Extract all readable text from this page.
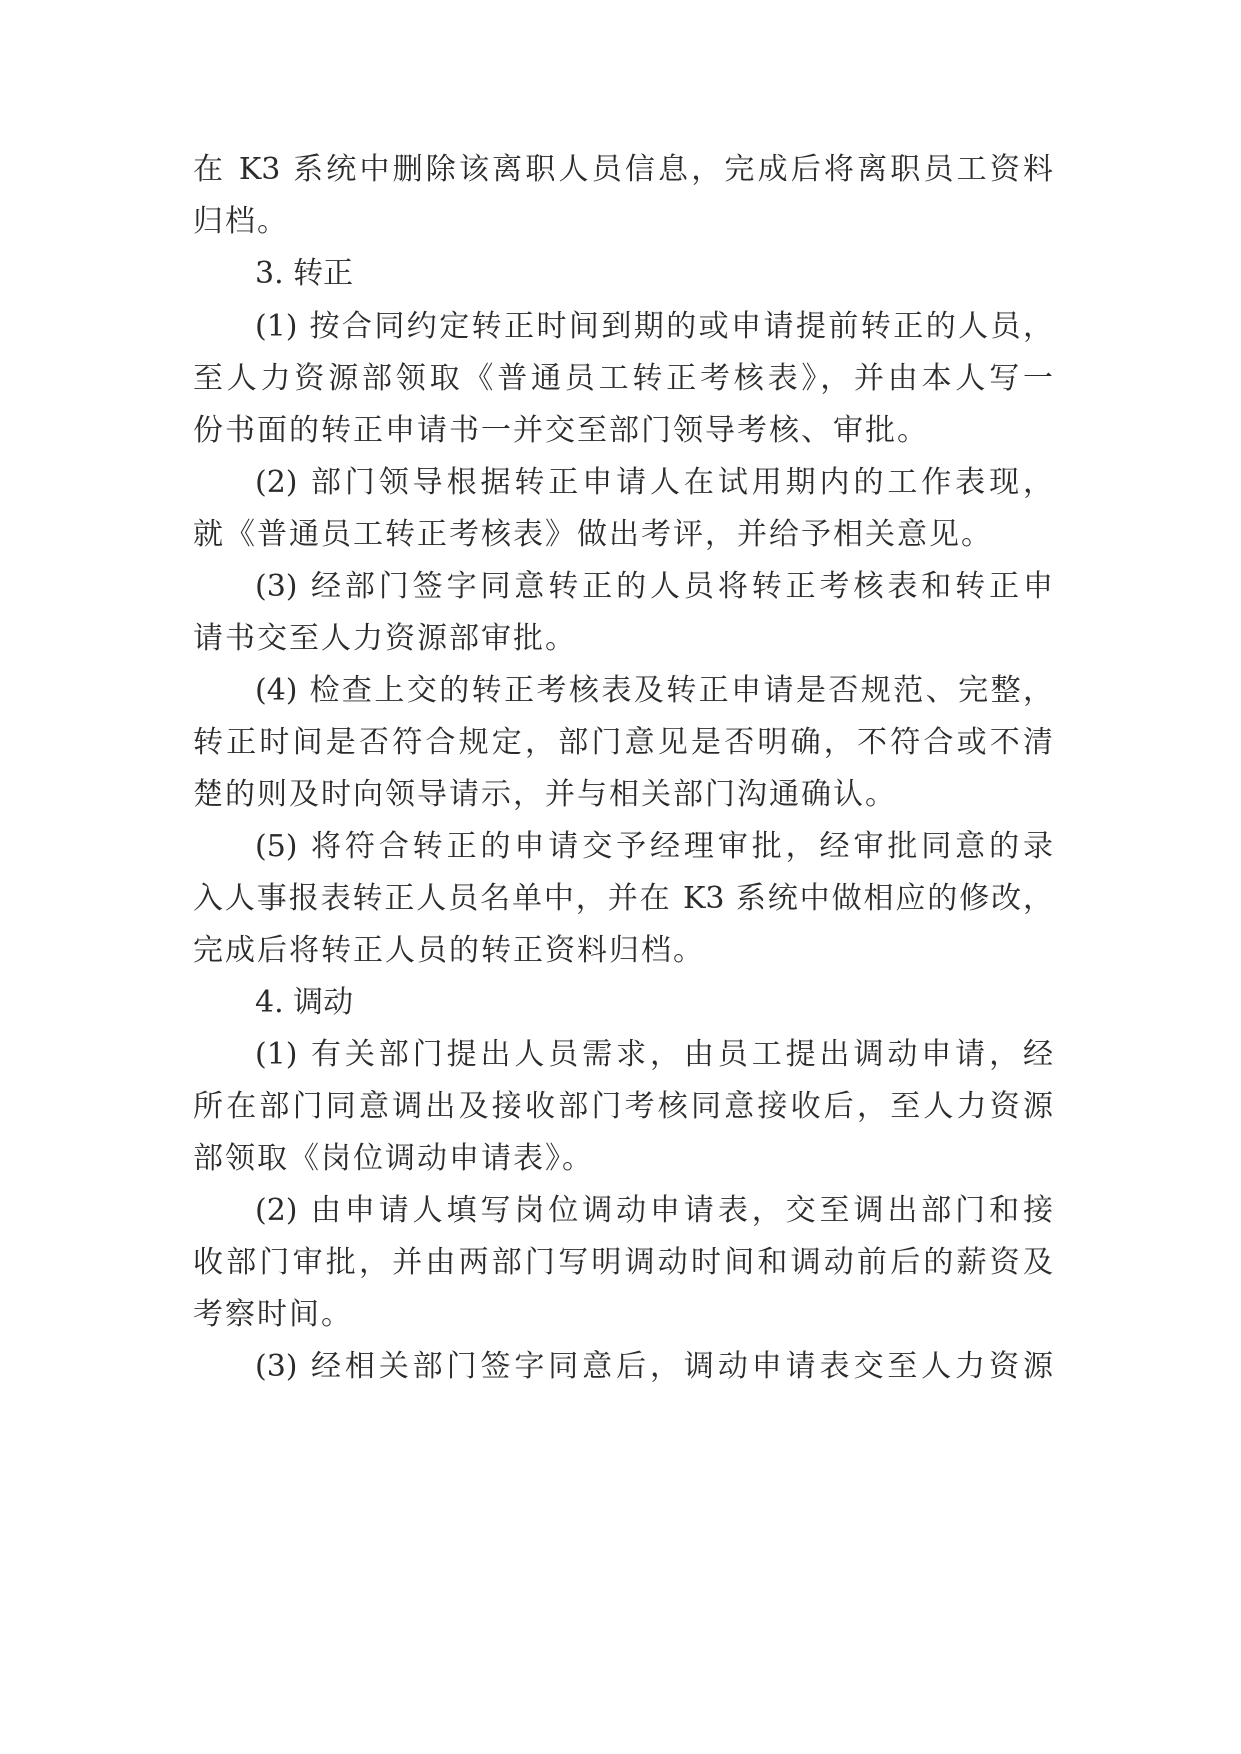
在 K3 系统中删除该离职人员信息，完成后将离职员工资料
归档。
3. 转正
(1) 按合同约定转正时间到期的或申请提前转正的人员，
至人力资源部领取《普通员工转正考核表》，并由本人写一
份书面的转正申请书一并交至部门领导考核、审批。
(2) 部门领导根据转正申请人在试用期内的工作表现，
就《普通员工转正考核表》做出考评，并给予相关意见。
(3) 经部门签字同意转正的人员将转正考核表和转正申
请书交至人力资源部审批。
(4) 检查上交的转正考核表及转正申请是否规范、完整，
转正时间是否符合规定，部门意见是否明确，不符合或不清
楚的则及时向领导请示，并与相关部门沟通确认。
(5) 将符合转正的申请交予经理审批，经审批同意的录
入人事报表转正人员名单中，并在 K3 系统中做相应的修改，
完成后将转正人员的转正资料归档。
4. 调动
(1) 有关部门提出人员需求，由员工提出调动申请，经
所在部门同意调出及接收部门考核同意接收后，至人力资源
部领取《岗位调动申请表》。
(2) 由申请人填写岗位调动申请表，交至调出部门和接
收部门审批，并由两部门写明调动时间和调动前后的薪资及
考察时间。
(3) 经相关部门签字同意后，调动申请表交至人力资源
